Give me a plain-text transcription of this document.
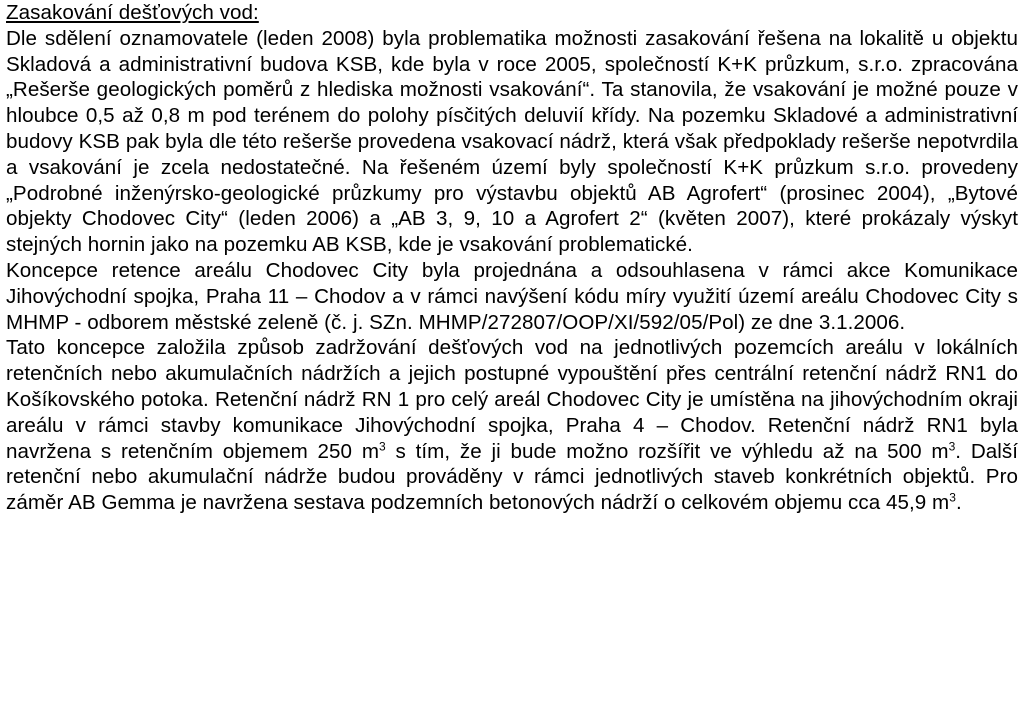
Zasakování dešťových vod:

Dle sdělení oznamovatele (leden 2008) byla problematika možnosti zasakování řešena na lokalitě u objektu Skladová a administrativní budova KSB, kde byla v roce 2005, společností K+K průzkum, s.r.o. zpracována „Rešerše geologických poměrů z hlediska možnosti vsakování“. Ta stanovila, že vsakování je možné pouze v hloubce 0,5 až 0,8 m pod terénem do polohy písčitých deluvií křídy. Na pozemku Skladové a administrativní budovy KSB pak byla dle této rešerše provedena vsakovací nádrž, která však předpoklady rešerše nepotvrdila a vsakování je zcela nedostatečné. Na řešeném území byly společností K+K průzkum s.r.o. provedeny „Podrobné inženýrsko-geologické průzkumy pro výstavbu objektů AB Agrofert“ (prosinec 2004), „Bytové objekty Chodovec City“ (leden 2006) a „AB 3, 9, 10 a Agrofert 2“ (květen 2007), které prokázaly výskyt stejných hornin jako na pozemku AB KSB, kde je vsakování problematické.

Koncepce retence areálu Chodovec City byla projednána a odsouhlasena v rámci akce Komunikace Jihovýchodní spojka, Praha 11 – Chodov a v rámci navýšení kódu míry využití území areálu Chodovec City s MHMP - odborem městské zeleně (č. j. SZn. MHMP/272807/OOP/XI/592/05/Pol) ze dne 3.1.2006.

Tato koncepce založila způsob zadržování dešťových vod na jednotlivých pozemcích areálu v lokálních retenčních nebo akumulačních nádržích a jejich postupné vypouštění přes centrální retenční nádrž RN1 do Košíkovského potoka. Retenční nádrž RN 1 pro celý areál Chodovec City je umístěna na jihovýchodním okraji areálu v rámci stavby komunikace Jihovýchodní spojka, Praha 4 – Chodov. Retenční nádrž RN1 byla navržena s retenčním objemem 250 $m^3$ s tím, že ji bude možno rozšířit ve výhledu až na 500 $m^3$. Další retenční nebo akumulační nádrže budou prováděny v rámci jednotlivých staveb konkrétních objektů. Pro záměr AB Gemma je navržena sestava podzemních betonových nádrží o celkovém objemu cca 45,9 $m^3$.
